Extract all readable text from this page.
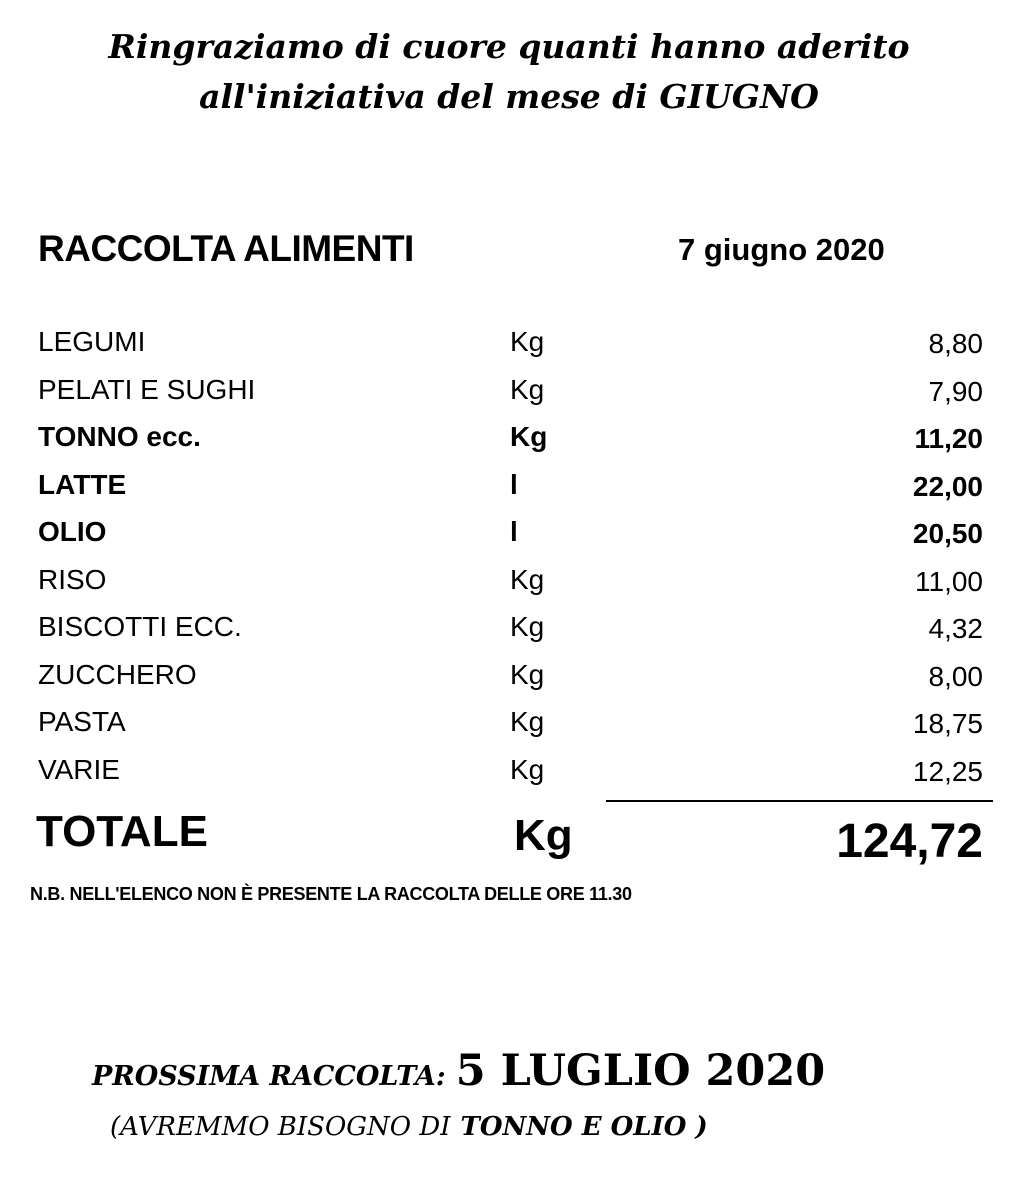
Ringraziamo di cuore quanti hanno aderito
all'iniziativa del mese di GIUGNO
RACCOLTA ALIMENTI	7 giugno 2020
LEGUMI	Kg	8,80
PELATI E SUGHI	Kg	7,90
TONNO ecc.	Kg	11,20
LATTE	l	22,00
OLIO	l	20,50
RISO	Kg	11,00
BISCOTTI ECC.	Kg	4,32
ZUCCHERO	Kg	8,00
PASTA	Kg	18,75
VARIE	Kg	12,25
TOTALE	Kg	124,72
N.B. NELL'ELENCO NON È PRESENTE LA RACCOLTA DELLE ORE 11.30
PROSSIMA RACCOLTA: 5 LUGLIO 2020
(AVREMMO BISOGNO DI TONNO E OLIO )
